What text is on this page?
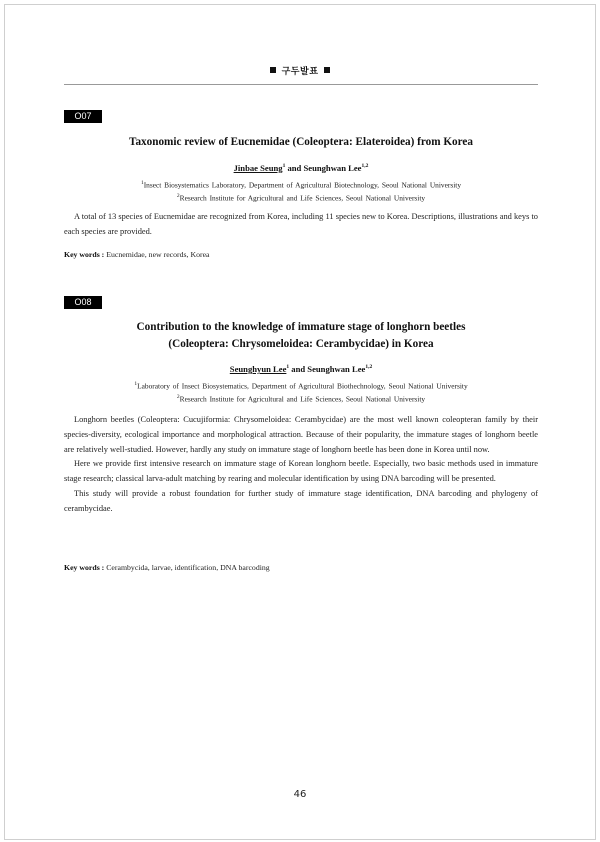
구두발표
O07
Taxonomic review of Eucnemidae (Coleoptera: Elateroidea) from Korea
Jinbae Seung$^1$ and Seunghwan Lee$^{1,2}$
$^1$Insect Biosystematics Laboratory, Department of Agricultural Biotechnology, Seoul National University
$^2$Research Institute for Agricultural and Life Sciences, Seoul National University

A total of 13 species of Eucnemidae are recognized from Korea, including 11 species new to Korea. Descriptions, illustrations and keys to each species are provided.

Key words : Eucnemidae, new records, Korea
O08
Contribution to the knowledge of immature stage of longhorn beetles
(Coleoptera: Chrysomeloidea: Cerambycidae) in Korea
Seunghyun Lee$^1$ and Seunghwan Lee$^{1,2}$
$^1$Laboratory of Insect Biosystematics, Department of Agricultural Biothechnology, Seoul National University
$^2$Research Institute for Agricultural and Life Sciences, Seoul National University

Longhorn beetles (Coleoptera: Cucujiformia: Chrysomeloidea: Cerambycidae) are the most well known coleopteran family by their species-diversity, ecological importance and morphological attraction. Because of their popularity, the immature stages of longhorn beetle are relatively well-studied. However, hardly any study on immature stage of longhorn beetle has been done in Korea until now.

Here we provide first intensive research on immature stage of Korean longhorn beetle. Especially, two basic methods used in immature stage research; classical larva-adult matching by rearing and molecular identification by using DNA barcoding will be presented.

This study will provide a robust foundation for further study of immature stage identification, DNA barcoding and phylogeny of cerambycidae.

Key words : Cerambycida, larvae, identification, DNA barcoding
46
